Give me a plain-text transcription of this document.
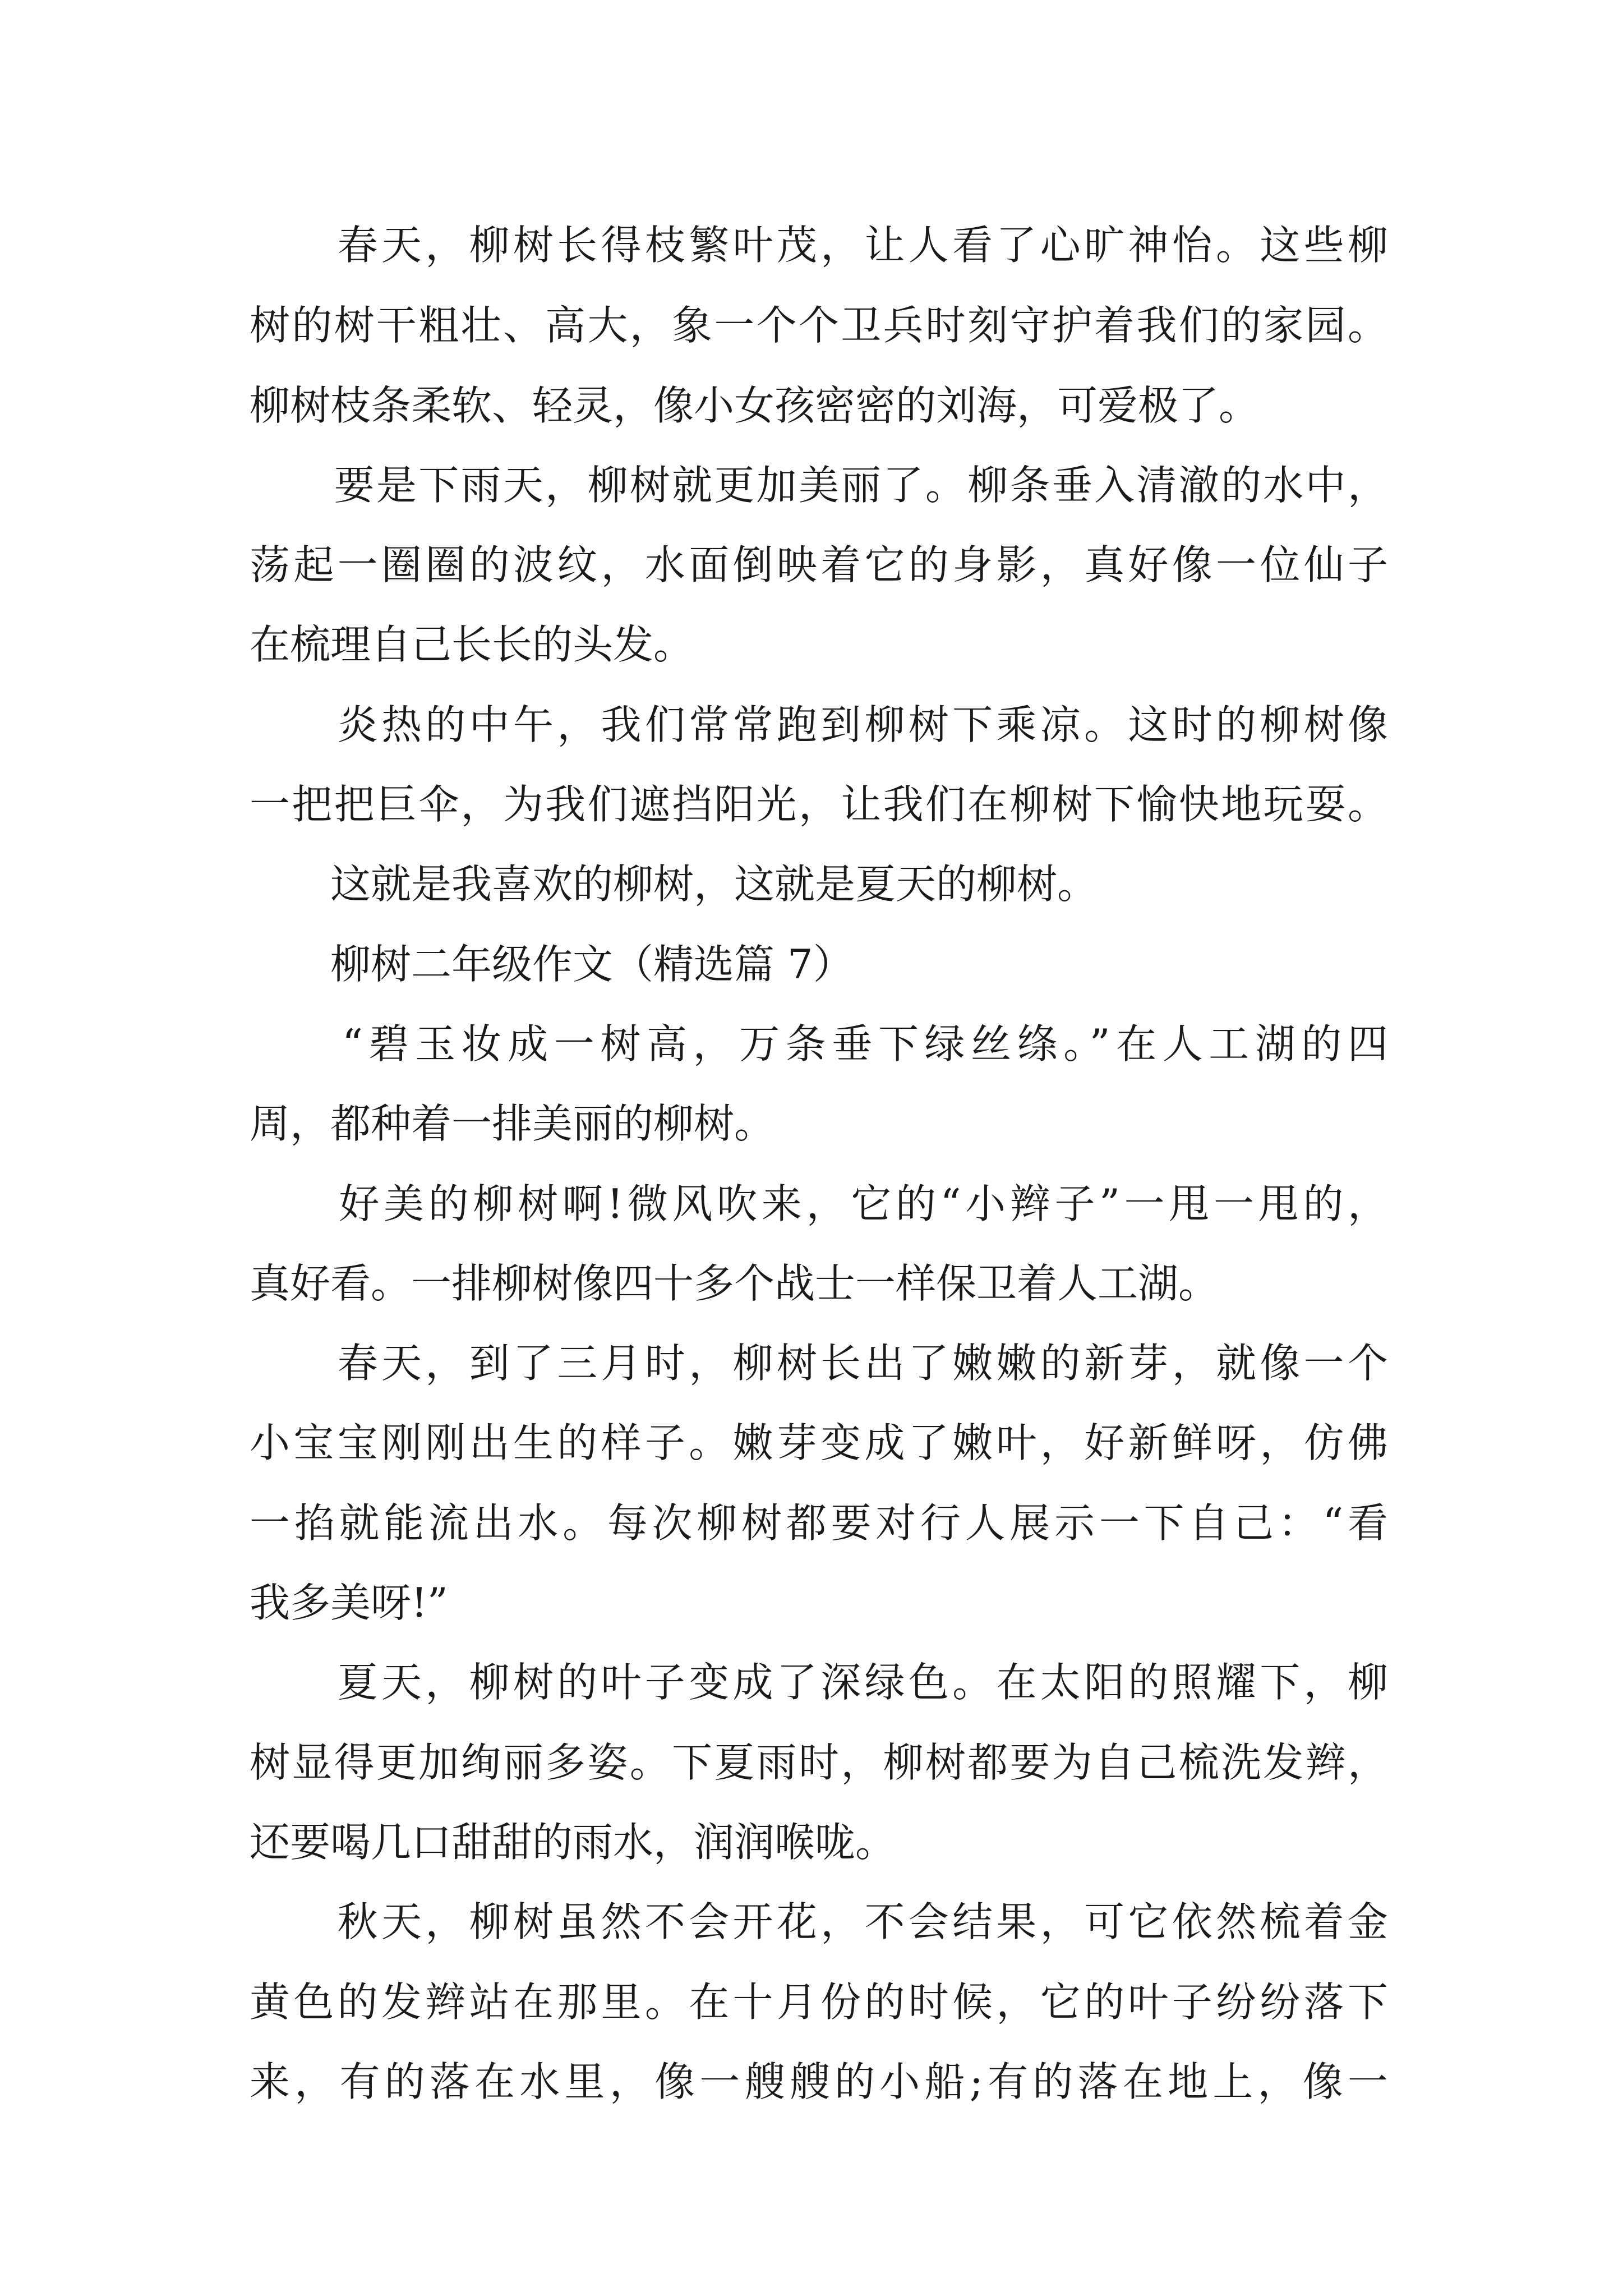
　　春天，柳树长得枝繁叶茂，让人看了心旷神怡。这些柳
树的树干粗壮、高大，象一个个卫兵时刻守护着我们的家园。
柳树枝条柔软、轻灵，像小女孩密密的刘海，可爱极了。
　　要是下雨天，柳树就更加美丽了。柳条垂入清澈的水中，
荡起一圈圈的波纹，水面倒映着它的身影，真好像一位仙子
在梳理自己长长的头发。
　　炎热的中午，我们常常跑到柳树下乘凉。这时的柳树像
一把把巨伞，为我们遮挡阳光，让我们在柳树下愉快地玩耍。
　　这就是我喜欢的柳树，这就是夏天的柳树。
　　柳树二年级作文（精选篇 7）
　　“碧玉妆成一树高，万条垂下绿丝绦。”在人工湖的四
周，都种着一排美丽的柳树。
　　好美的柳树啊!微风吹来，它的“小辫子”一甩一甩的，
真好看。一排柳树像四十多个战士一样保卫着人工湖。
　　春天，到了三月时，柳树长出了嫩嫩的新芽，就像一个
小宝宝刚刚出生的样子。嫩芽变成了嫩叶，好新鲜呀，仿佛
一掐就能流出水。每次柳树都要对行人展示一下自己：“看
我多美呀!”
　　夏天，柳树的叶子变成了深绿色。在太阳的照耀下，柳
树显得更加绚丽多姿。下夏雨时，柳树都要为自己梳洗发辫，
还要喝几口甜甜的雨水，润润喉咙。
　　秋天，柳树虽然不会开花，不会结果，可它依然梳着金
黄色的发辫站在那里。在十月份的时候，它的叶子纷纷落下
来，有的落在水里，像一艘艘的小船;有的落在地上，像一
